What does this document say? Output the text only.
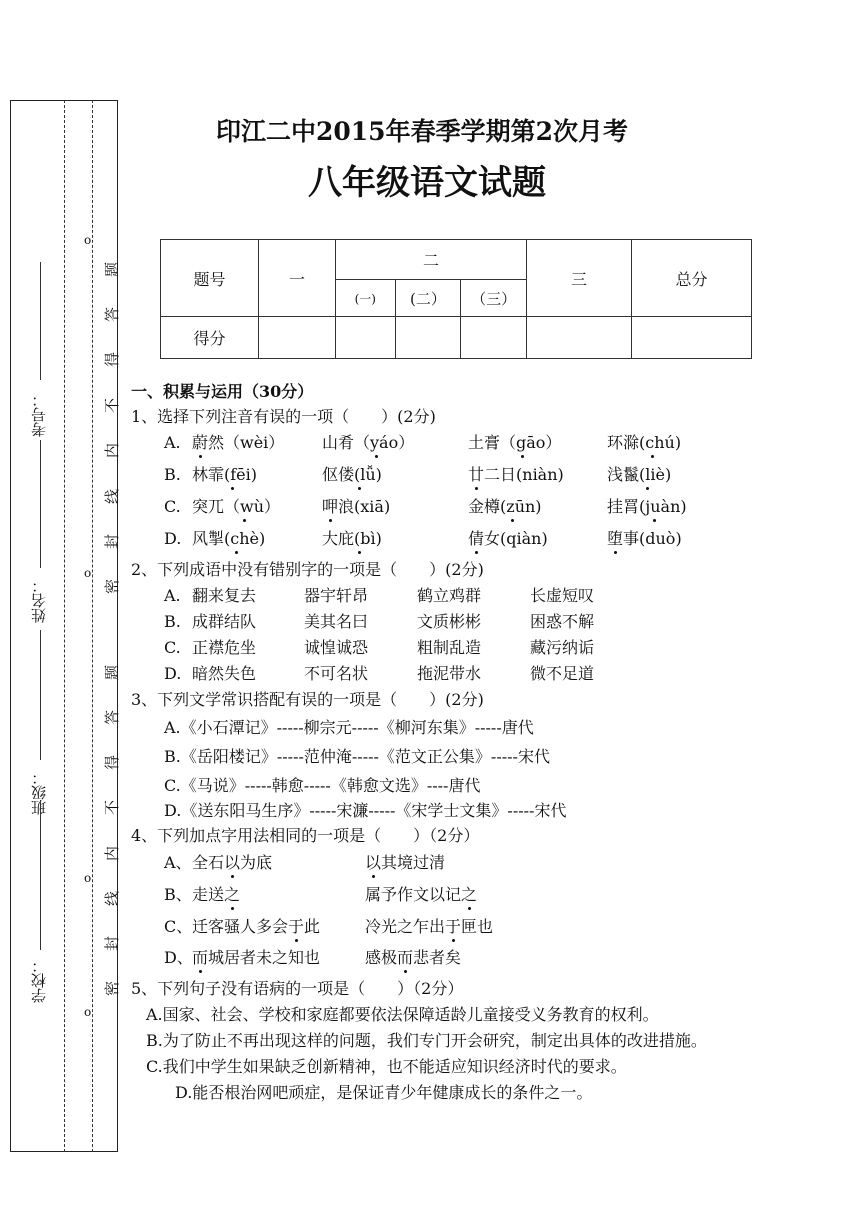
考号：
姓名：
班级：
学校：
o
o
o
o
题
答
得
不
内
线
封
密
题
答
得
不
内
线
封
密
印江二中2015年春季学期第2次月考
八年级语文试题
题号	一	二			三	总分
		(一)	(二）	（三）		
得分						
一、积累与运用（30分）
1、选择下列注音有误的一项（　　）(2分)
A. 蔚然（wèi） 山肴（yáo）	土膏（gāo）	环滁(chú)
B. 林霏(fēi)	伛偻(lǚ)	廿二日(niàn)	浅鬣(liè)
C. 突兀（wù）	呷浪(xiā)	金樽(zūn)	挂罥(juàn)
D. 风掣(chè)	大庇(bì)	倩女(qiàn)	堕事(duò)
2、下列成语中没有错别字的一项是（　　）(2分)
A. 翻来复去	器宇轩昂	鹤立鸡群	长虚短叹
B. 成群结队	美其名曰	文质彬彬	困惑不解
C. 正襟危坐	诚惶诚恐	粗制乱造	藏污纳诟
D. 暗然失色	不可名状	拖泥带水	微不足道
3、下列文学常识搭配有误的一项是（　　）(2分)
A.《小石潭记》-----柳宗元-----《柳河东集》-----唐代
B.《岳阳楼记》-----范仲淹-----《范文正公集》-----宋代
C.《马说》-----韩愈-----《韩愈文选》----唐代
D.《送东阳马生序》-----宋濂-----《宋学士文集》-----宋代
4、下列加点字用法相同的一项是（　　）（2分）
A、 全石以为底	以其境过清
B、 走送之	属予作文以记之
C、 迁客骚人多会于此	冷光之乍出于匣也
D、 而城居者未之知也	感极而悲者矣
5、下列句子没有语病的一项是（　　）（2分）
A.国家、社会、学校和家庭都要依法保障适龄儿童接受义务教育的权利。
B.为了防止不再出现这样的问题，我们专门开会研究，制定出具体的改进措施。
C.我们中学生如果缺乏创新精神，也不能适应知识经济时代的要求。
D.能否根治网吧顽症，是保证青少年健康成长的条件之一。
